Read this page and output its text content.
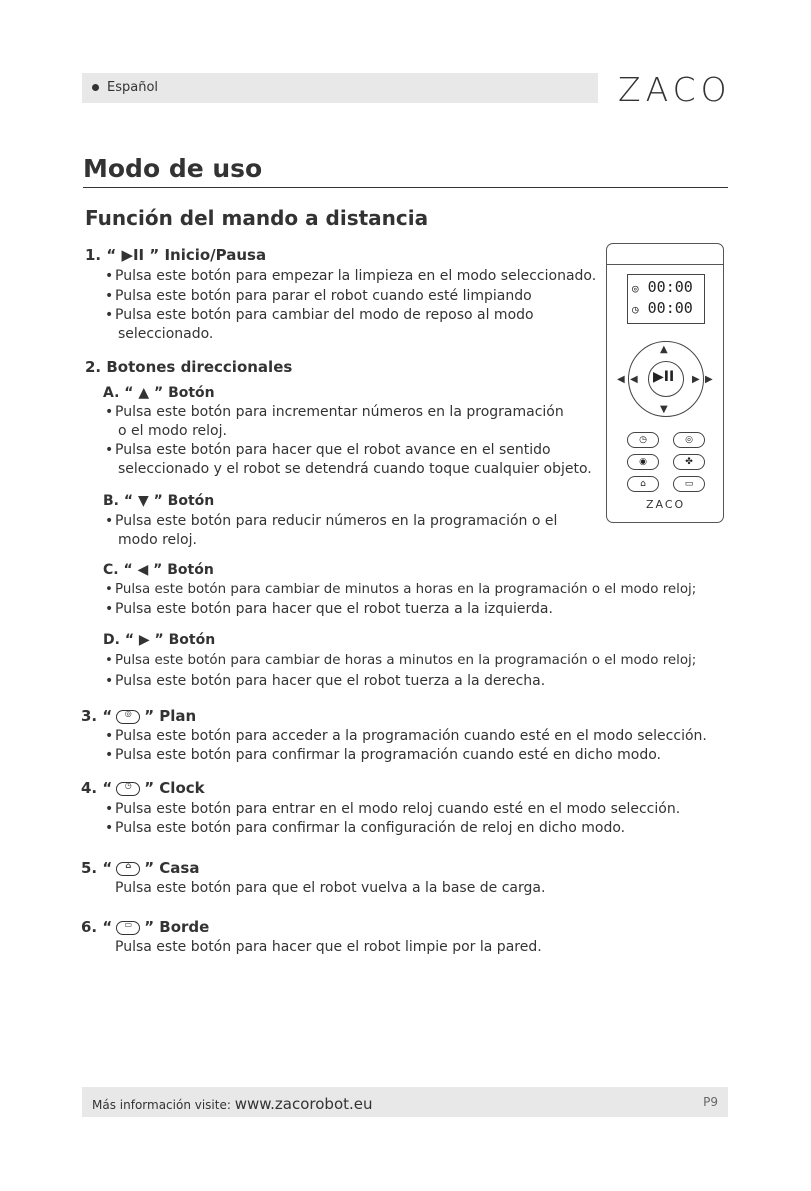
Español	ZACO
Modo de uso
Función del mando a distancia
1. “ ▶II ” Inicio/Pausa
• Pulsa este botón para empezar la limpieza en el modo seleccionado.
• Pulsa este botón para parar el robot cuando esté limpiando
• Pulsa este botón para cambiar del modo de reposo al modo
seleccionado.
2. Botones direccionales
A. “ ▲ ” Botón
• Pulsa este botón para incrementar números en la programación
o el modo reloj.
• Pulsa este botón para hacer que el robot avance en el sentido
seleccionado y el robot se detendrá cuando toque cualquier objeto.
B. “ ▼ ” Botón
• Pulsa este botón para reducir números en la programación o el
modo reloj.
C. “ ◀ ” Botón
• Pulsa este botón para cambiar de minutos a horas en la programación o el modo reloj;
• Pulsa este botón para hacer que el robot tuerza a la izquierda.
D. “ ▶ ” Botón
• Pulsa este botón para cambiar de horas a minutos en la programación o el modo reloj;
• Pulsa este botón para hacer que el robot tuerza a la derecha.
3. “	◎ ” Plan
• Pulsa este botón para acceder a la programación cuando esté en el modo selección.
• Pulsa este botón para confirmar la programación cuando esté en dicho modo.
4. “	◷ ” Clock
• Pulsa este botón para entrar en el modo reloj cuando esté en el modo selección.
• Pulsa este botón para confirmar la configuración de reloj en dicho modo.
5. “	⌂ ” Casa
Pulsa este botón para que el robot vuelva a la base de carga.
6. “	▭ ” Borde
Pulsa este botón para hacer que el robot limpie por la pared.
◎ 00:00
◷ 00:00
▶II
▲
▼
◀	▶
◀	▶
◷	◎
◉	✤
⌂	▭
ZACO
Más información visite: www.zacorobot.eu	P9
